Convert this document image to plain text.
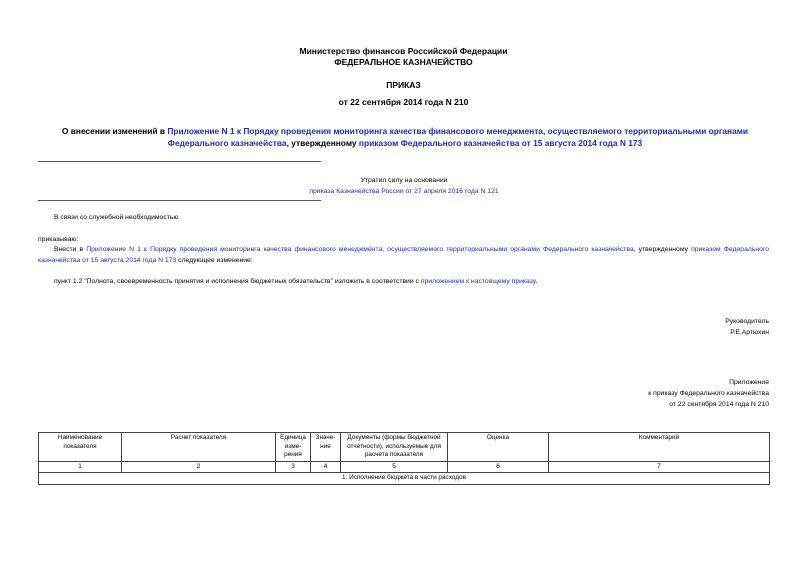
Министерство финансов Российской Федерации
ФЕДЕРАЛЬНОЕ КАЗНАЧЕЙСТВО
ПРИКАЗ
от 22 сентября 2014 года N 210
О внесении изменений в Приложение N 1 к Порядку проведения мониторинга качества финансового менеджмента, осуществляемого территориальными органами Федерального казначейства, утвержденному приказом Федерального казначейства от 15 августа 2014 года N 173
Утратил силу на основании
приказа Казначейства России от 27 апреля 2016 года N 121
В связи со служебной необходимостью
приказываю:
Внести в Приложение N 1 к Порядку проведения мониторинга качества финансового менеджмента, осуществляемого территориальными органами Федерального казначейства, утвержденному приказом Федерального казначейства от 15 августа 2014 года N 173 следующее изменение:
пункт 1.2 "Полнота, своевременность принятия и исполнения бюджетных обязательств" изложить в соответствии с приложением к настоящему приказу.
Руководитель
Р.Е.Артюхин
Приложение
к приказу Федерального казначейства
от 22 сентября 2014 года N 210
Наименование показателя	Расчет показателя	Единица изме- рения	Значе- ние	Документы (формы бюджетной отчетности), используемые для расчета показателя	Оценка	Комментарий
1	2	3	4	5	6	7
1. Исполнение бюджета в части расходов						
